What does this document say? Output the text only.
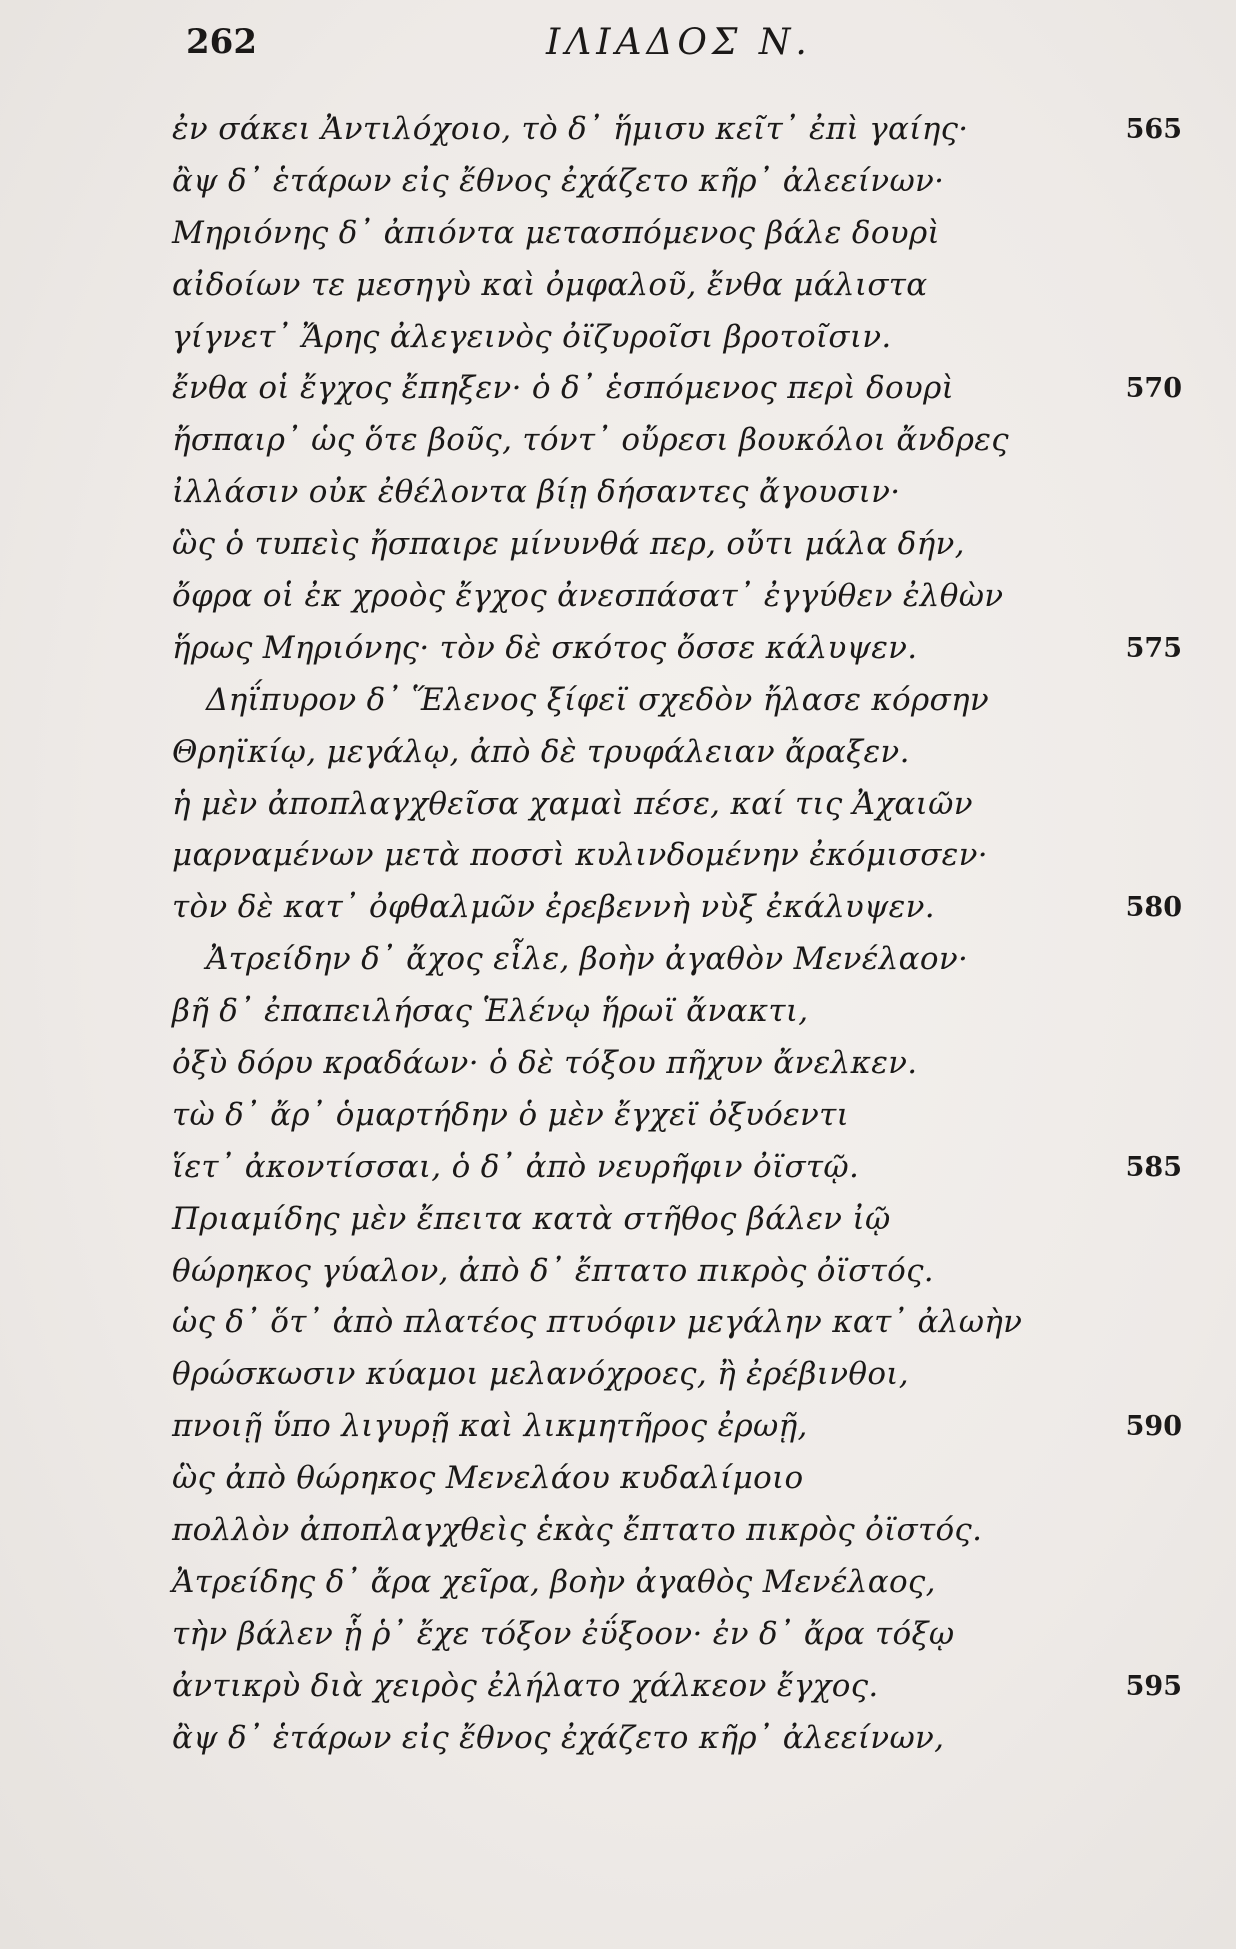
262	ΙΛΙΑΔΟΣ Ν.
ἐν σάκει Ἀντιλόχοιο, τὸ δ᾽ ἥμισυ κεῖτ᾽ ἐπὶ γαίης·	565
ἂψ δ᾽ ἑτάρων εἰς ἔθνος ἐχάζετο κῆρ᾽ ἀλεείνων·
Μηριόνης δ᾽ ἀπιόντα μετασπόμενος βάλε δουρὶ
αἰδοίων τε μεσηγὺ καὶ ὀμφαλοῦ, ἔνθα μάλιστα
γίγνετ᾽ Ἄρης ἀλεγεινὸς ὀϊζυροῖσι βροτοῖσιν.
ἔνθα οἱ ἔγχος ἔπηξεν· ὁ δ᾽ ἑσπόμενος περὶ δουρὶ	570
ἤσπαιρ᾽ ὡς ὅτε βοῦς, τόντ᾽ οὔρεσι βουκόλοι ἄνδρες
ἰλλάσιν οὐκ ἐθέλοντα βίῃ δήσαντες ἄγουσιν·
ὣς ὁ τυπεὶς ἤσπαιρε μίνυνθά περ, οὔτι μάλα δήν,
ὄφρα οἱ ἐκ χροὸς ἔγχος ἀνεσπάσατ᾽ ἐγγύθεν ἐλθὼν
ἥρως Μηριόνης· τὸν δὲ σκότος ὄσσε κάλυψεν.	575
Δηΐπυρον δ᾽ Ἕλενος ξίφεϊ σχεδὸν ἤλασε κόρσην
Θρηϊκίῳ, μεγάλῳ, ἀπὸ δὲ τρυφάλειαν ἄραξεν.
ἡ μὲν ἀποπλαγχθεῖσα χαμαὶ πέσε, καί τις Ἀχαιῶν
μαρναμένων μετὰ ποσσὶ κυλινδομένην ἐκόμισσεν·
τὸν δὲ κατ᾽ ὀφθαλμῶν ἐρεβεννὴ νὺξ ἐκάλυψεν.	580
Ἀτρείδην δ᾽ ἄχος εἷλε, βοὴν ἀγαθὸν Μενέλαον·
βῆ δ᾽ ἐπαπειλήσας Ἑλένῳ ἥρωϊ ἄνακτι,
ὀξὺ δόρυ κραδάων· ὁ δὲ τόξου πῆχυν ἄνελκεν.
τὼ δ᾽ ἄρ᾽ ὁμαρτήδην ὁ μὲν ἔγχεϊ ὀξυόεντι
ἵετ᾽ ἀκοντίσσαι, ὁ δ᾽ ἀπὸ νευρῆφιν ὀϊστῷ.	585
Πριαμίδης μὲν ἔπειτα κατὰ στῆθος βάλεν ἰῷ
θώρηκος γύαλον, ἀπὸ δ᾽ ἔπτατο πικρὸς ὀϊστός.
ὡς δ᾽ ὅτ᾽ ἀπὸ πλατέος πτυόφιν μεγάλην κατ᾽ ἀλωὴν
θρώσκωσιν κύαμοι μελανόχροες, ἢ ἐρέβινθοι,
πνοιῇ ὕπο λιγυρῇ καὶ λικμητῆρος ἐρωῇ,	590
ὣς ἀπὸ θώρηκος Μενελάου κυδαλίμοιο
πολλὸν ἀποπλαγχθεὶς ἑκὰς ἔπτατο πικρὸς ὀϊστός.
Ἀτρείδης δ᾽ ἄρα χεῖρα, βοὴν ἀγαθὸς Μενέλαος,
τὴν βάλεν ᾗ ῥ᾽ ἔχε τόξον ἐΰξοον· ἐν δ᾽ ἄρα τόξῳ
ἀντικρὺ διὰ χειρὸς ἐλήλατο χάλκεον ἔγχος.	595
ἂψ δ᾽ ἑτάρων εἰς ἔθνος ἐχάζετο κῆρ᾽ ἀλεείνων,
